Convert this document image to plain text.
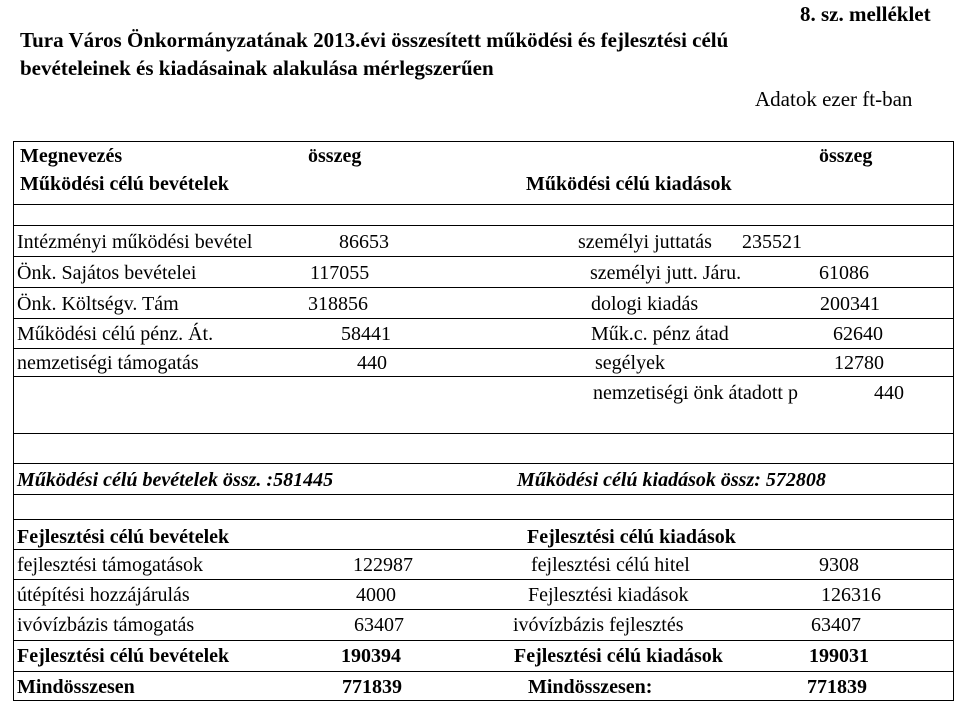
8. sz. melléklet
Tura Város Önkormányzatának 2013.évi összesített működési és fejlesztési célú
bevételeinek és kiadásainak alakulása mérlegszerűen
Adatok ezer ft-ban
Megnevezés	összeg	összeg
Működési célú bevételek	Működési célú kiadások
Intézményi működési bevétel	86653	személyi juttatás 235521
Önk. Sajátos bevételei	117055	személyi jutt. Járu.	61086
Önk. Költségv. Tám	318856	dologi kiadás	200341
Működési célú pénz. Át.	58441	Műk.c. pénz átad	62640
nemzetiségi támogatás	440	segélyek	12780
nemzetiségi önk átadott p	440
Működési célú bevételek össz. :581445	Működési célú kiadások össz: 572808
Fejlesztési célú bevételek	Fejlesztési célú kiadások
fejlesztési támogatások	122987	fejlesztési célú hitel	9308
útépítési hozzájárulás	4000	Fejlesztési kiadások	126316
ivóvízbázis támogatás	63407	ivóvízbázis fejlesztés	63407
Fejlesztési célú bevételek	190394	Fejlesztési célú kiadások	199031
Mindösszesen	771839	Mindösszesen:	771839
